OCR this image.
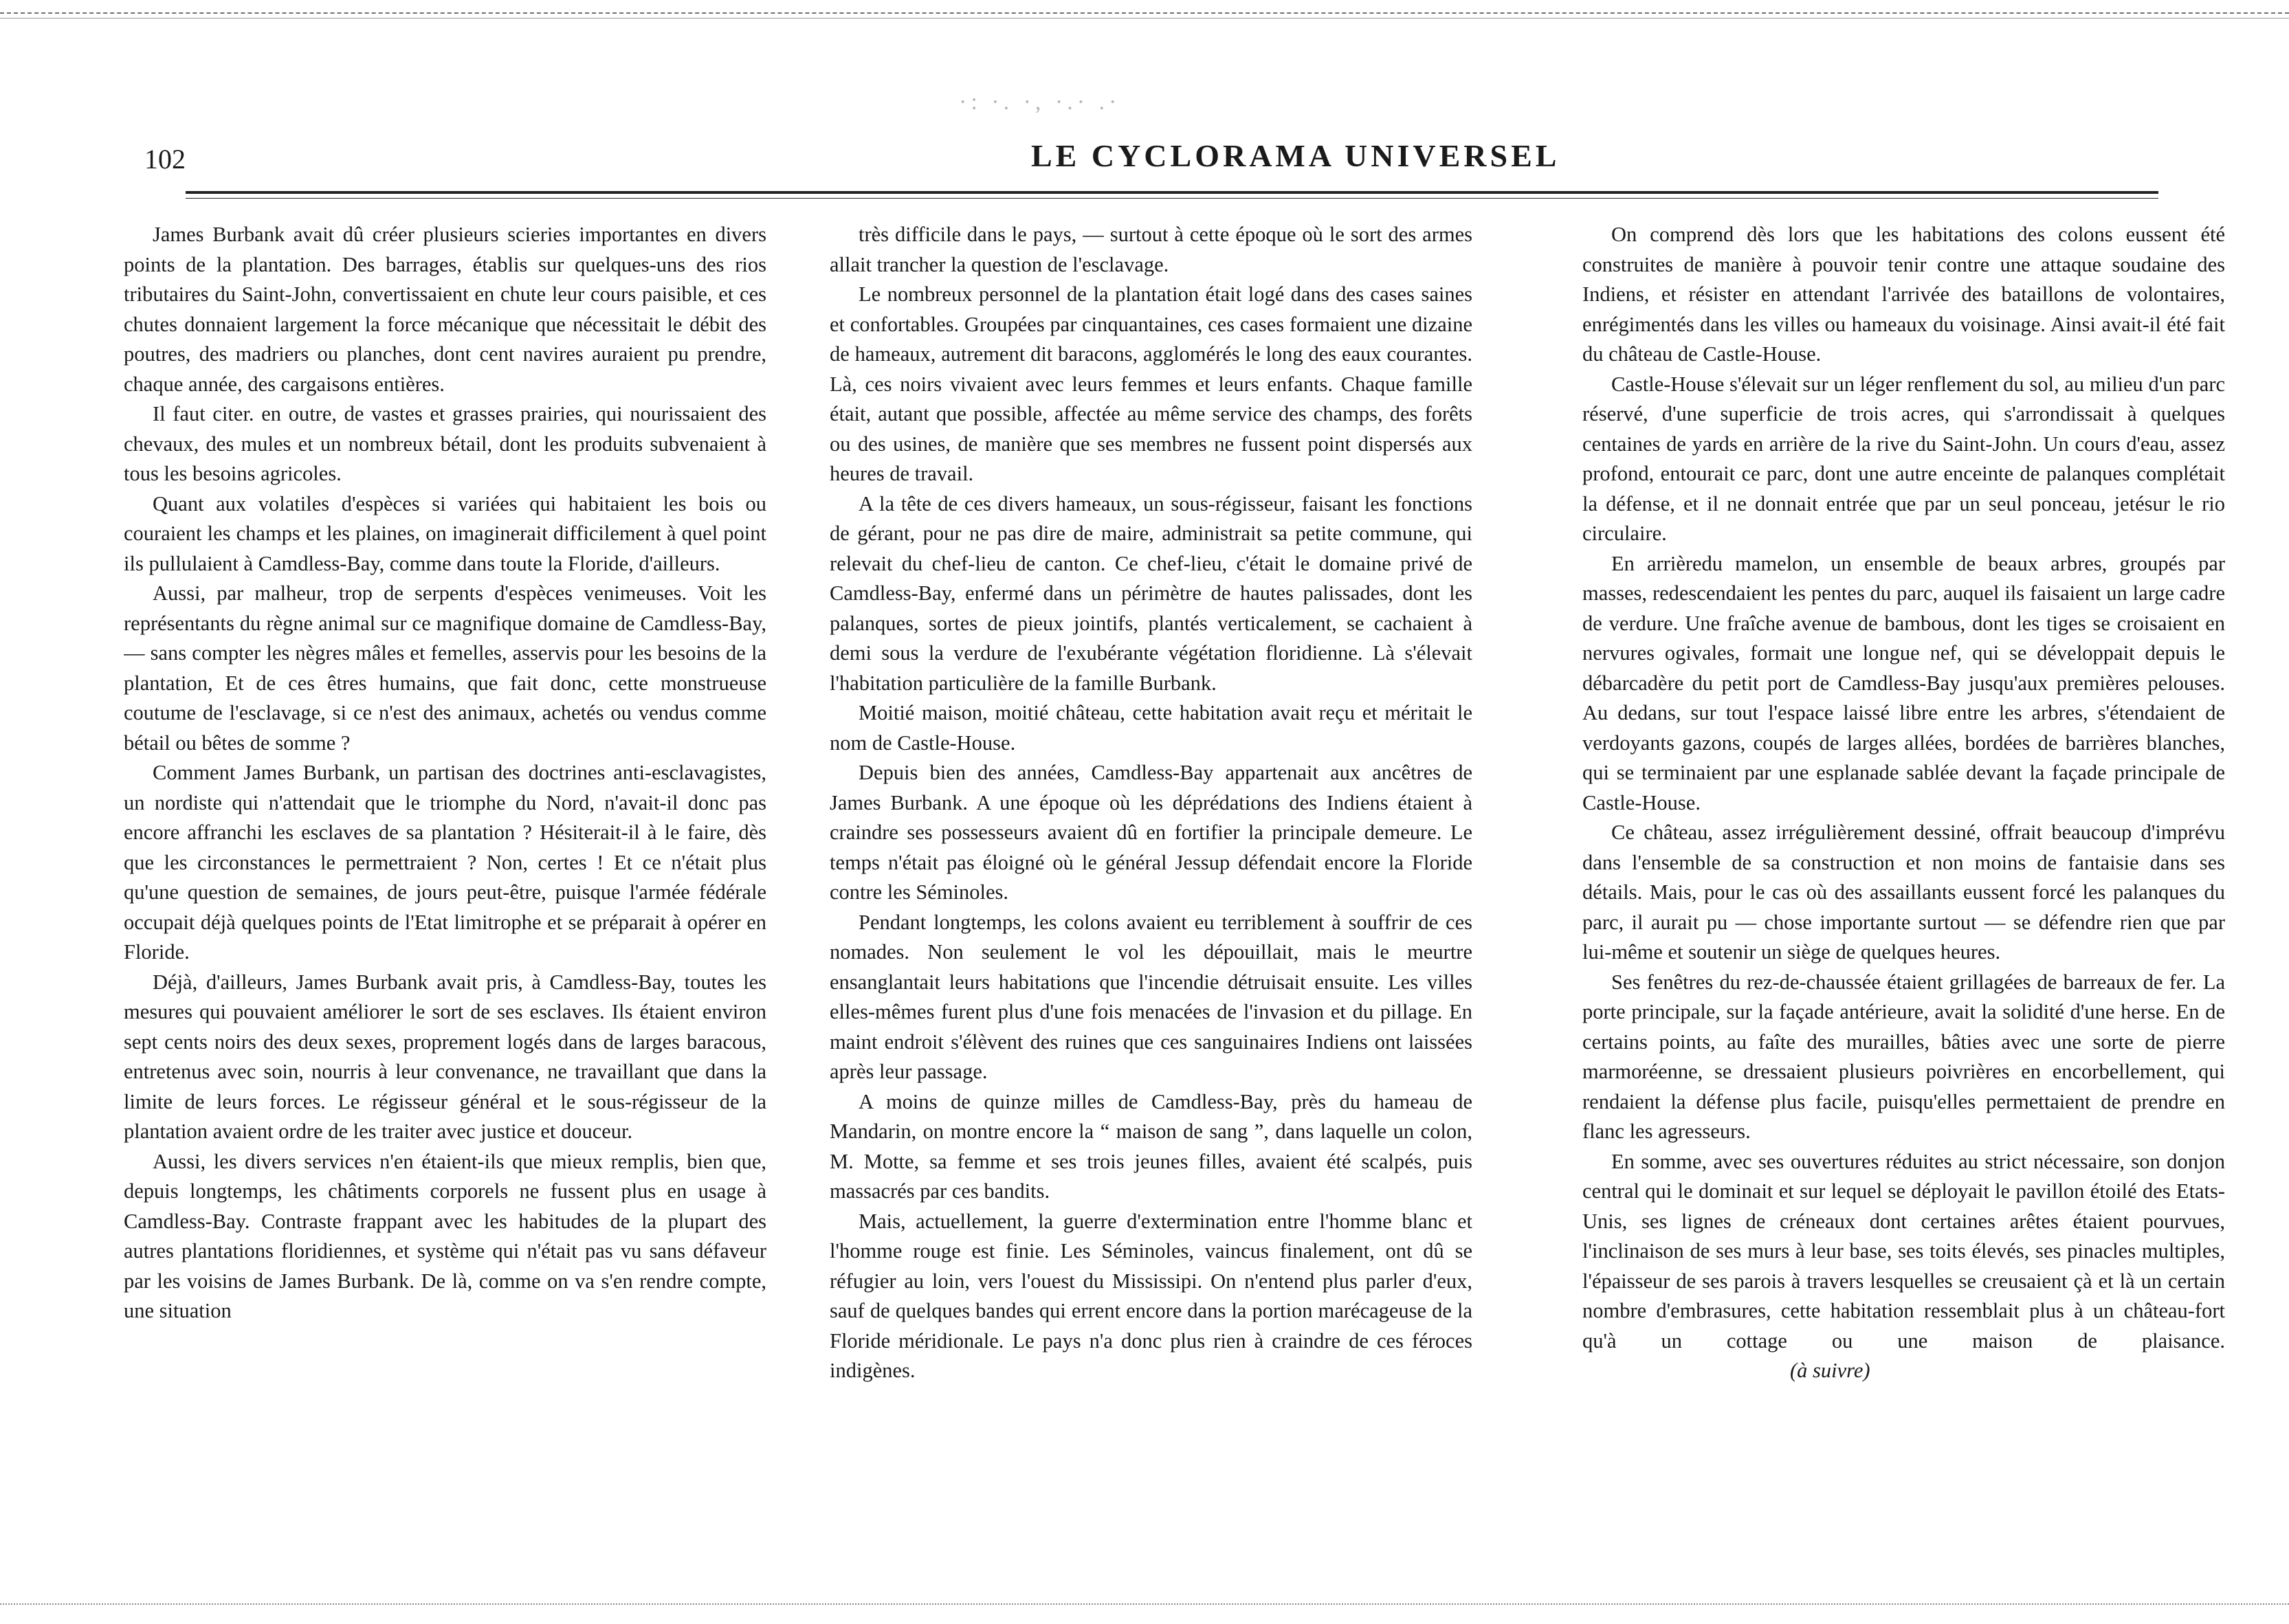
·: ·. ·, ·.· .·
102	LE CYCLORAMA UNIVERSEL

James Burbank avait dû créer plusieurs scieries importantes en divers points de la plantation. Des barrages, établis sur quelques-uns des rios tributaires du Saint-John, convertissaient en chute leur cours paisible, et ces chutes donnaient largement la force mécanique que nécessitait le débit des poutres, des madriers ou planches, dont cent navires auraient pu prendre, chaque année, des cargaisons entières.

Il faut citer. en outre, de vastes et grasses prairies, qui nourissaient des chevaux, des mules et un nombreux bétail, dont les produits subvenaient à tous les besoins agricoles.

Quant aux volatiles d'espèces si variées qui habitaient les bois ou couraient les champs et les plaines, on imaginerait difficilement à quel point ils pullulaient à Camdless-Bay, comme dans toute la Floride, d'ailleurs.

Aussi, par malheur, trop de serpents d'espèces venimeuses. Voit les représentants du règne animal sur ce magnifique domaine de Camdless-Bay, — sans compter les nègres mâles et femelles, asservis pour les besoins de la plantation, Et de ces êtres humains, que fait donc, cette monstrueuse coutume de l'esclavage, si ce n'est des animaux, achetés ou vendus comme bétail ou bêtes de somme ?

Comment James Burbank, un partisan des doctrines anti-esclavagistes, un nordiste qui n'attendait que le triomphe du Nord, n'avait-il donc pas encore affranchi les esclaves de sa plantation ? Hésiterait-il à le faire, dès que les circonstances le permettraient ? Non, certes ! Et ce n'était plus qu'une question de semaines, de jours peut-être, puisque l'armée fédérale occupait déjà quelques points de l'Etat limitrophe et se préparait à opérer en Floride.

Déjà, d'ailleurs, James Burbank avait pris, à Camdless-Bay, toutes les mesures qui pouvaient améliorer le sort de ses esclaves. Ils étaient environ sept cents noirs des deux sexes, proprement logés dans de larges baracous, entretenus avec soin, nourris à leur convenance, ne travaillant que dans la limite de leurs forces. Le régisseur général et le sous-régisseur de la plantation avaient ordre de les traiter avec justice et douceur.

Aussi, les divers services n'en étaient-ils que mieux remplis, bien que, depuis longtemps, les châtiments corporels ne fussent plus en usage à Camdless-Bay. Contraste frappant avec les habitudes de la plupart des autres plantations floridiennes, et système qui n'était pas vu sans défaveur par les voisins de James Burbank. De là, comme on va s'en rendre compte, une situation

très difficile dans le pays, — surtout à cette époque où le sort des armes allait trancher la question de l'esclavage.

Le nombreux personnel de la plantation était logé dans des cases saines et confortables. Groupées par cinquantaines, ces cases formaient une dizaine de hameaux, autrement dit baracons, agglomérés le long des eaux courantes. Là, ces noirs vivaient avec leurs femmes et leurs enfants. Chaque famille était, autant que possible, affectée au même service des champs, des forêts ou des usines, de manière que ses membres ne fussent point dispersés aux heures de travail.

A la tête de ces divers hameaux, un sous-régisseur, faisant les fonctions de gérant, pour ne pas dire de maire, administrait sa petite commune, qui relevait du chef-lieu de canton. Ce chef-lieu, c'était le domaine privé de Camdless-Bay, enfermé dans un périmètre de hautes palissades, dont les palanques, sortes de pieux jointifs, plantés verticalement, se cachaient à demi sous la verdure de l'exubérante végétation floridienne. Là s'élevait l'habitation particulière de la famille Burbank.

Moitié maison, moitié château, cette habitation avait reçu et méritait le nom de Castle-House.

Depuis bien des années, Camdless-Bay appartenait aux ancêtres de James Burbank. A une époque où les déprédations des Indiens étaient à craindre ses possesseurs avaient dû en fortifier la principale demeure. Le temps n'était pas éloigné où le général Jessup défendait encore la Floride contre les Séminoles.

Pendant longtemps, les colons avaient eu terriblement à souffrir de ces nomades. Non seulement le vol les dépouillait, mais le meurtre ensanglantait leurs habitations que l'incendie détruisait ensuite. Les villes elles-mêmes furent plus d'une fois menacées de l'invasion et du pillage. En maint endroit s'élèvent des ruines que ces sanguinaires Indiens ont laissées après leur passage.

A moins de quinze milles de Camdless-Bay, près du hameau de Mandarin, on montre encore la “ maison de sang ”, dans laquelle un colon, M. Motte, sa femme et ses trois jeunes filles, avaient été scalpés, puis massacrés par ces bandits.

Mais, actuellement, la guerre d'extermination entre l'homme blanc et l'homme rouge est finie. Les Séminoles, vaincus finalement, ont dû se réfugier au loin, vers l'ouest du Mississipi. On n'entend plus parler d'eux, sauf de quelques bandes qui errent encore dans la portion marécageuse de la Floride méridionale. Le pays n'a donc plus rien à craindre de ces féroces indigènes.

On comprend dès lors que les habitations des colons eussent été construites de manière à pouvoir tenir contre une attaque soudaine des Indiens, et résister en attendant l'arrivée des bataillons de volontaires, enrégimentés dans les villes ou hameaux du voisinage. Ainsi avait-il été fait du château de Castle-House.

Castle-House s'élevait sur un léger renflement du sol, au milieu d'un parc réservé, d'une superficie de trois acres, qui s'arrondissait à quelques centaines de yards en arrière de la rive du Saint-John. Un cours d'eau, assez profond, entourait ce parc, dont une autre enceinte de palanques complétait la défense, et il ne donnait entrée que par un seul ponceau, jetésur le rio circulaire.

En arrièredu mamelon, un ensemble de beaux arbres, groupés par masses, redescendaient les pentes du parc, auquel ils faisaient un large cadre de verdure. Une fraîche avenue de bambous, dont les tiges se croisaient en nervures ogivales, formait une longue nef, qui se développait depuis le débarcadère du petit port de Camdless-Bay jusqu'aux premières pelouses. Au dedans, sur tout l'espace laissé libre entre les arbres, s'étendaient de verdoyants gazons, coupés de larges allées, bordées de barrières blanches, qui se terminaient par une esplanade sablée devant la façade principale de Castle-House.

Ce château, assez irrégulièrement dessiné, offrait beaucoup d'imprévu dans l'ensemble de sa construction et non moins de fantaisie dans ses détails. Mais, pour le cas où des assaillants eussent forcé les palanques du parc, il aurait pu — chose importante surtout — se défendre rien que par lui-même et soutenir un siège de quelques heures.

Ses fenêtres du rez-de-chaussée étaient grillagées de barreaux de fer. La porte principale, sur la façade antérieure, avait la solidité d'une herse. En de certains points, au faîte des murailles, bâties avec une sorte de pierre marmoréenne, se dressaient plusieurs poivrières en encorbellement, qui rendaient la défense plus facile, puisqu'elles permettaient de prendre en flanc les agresseurs.

En somme, avec ses ouvertures réduites au strict nécessaire, son donjon central qui le dominait et sur lequel se déployait le pavillon étoilé des Etats-Unis, ses lignes de créneaux dont certaines arêtes étaient pourvues, l'inclinaison de ses murs à leur base, ses toits élevés, ses pinacles multiples, l'épaisseur de ses parois à travers lesquelles se creusaient çà et là un certain nombre d'embrasures, cette habitation ressemblait plus à un château-fort qu'à un cottage ou une maison de plaisance. (à suivre)
